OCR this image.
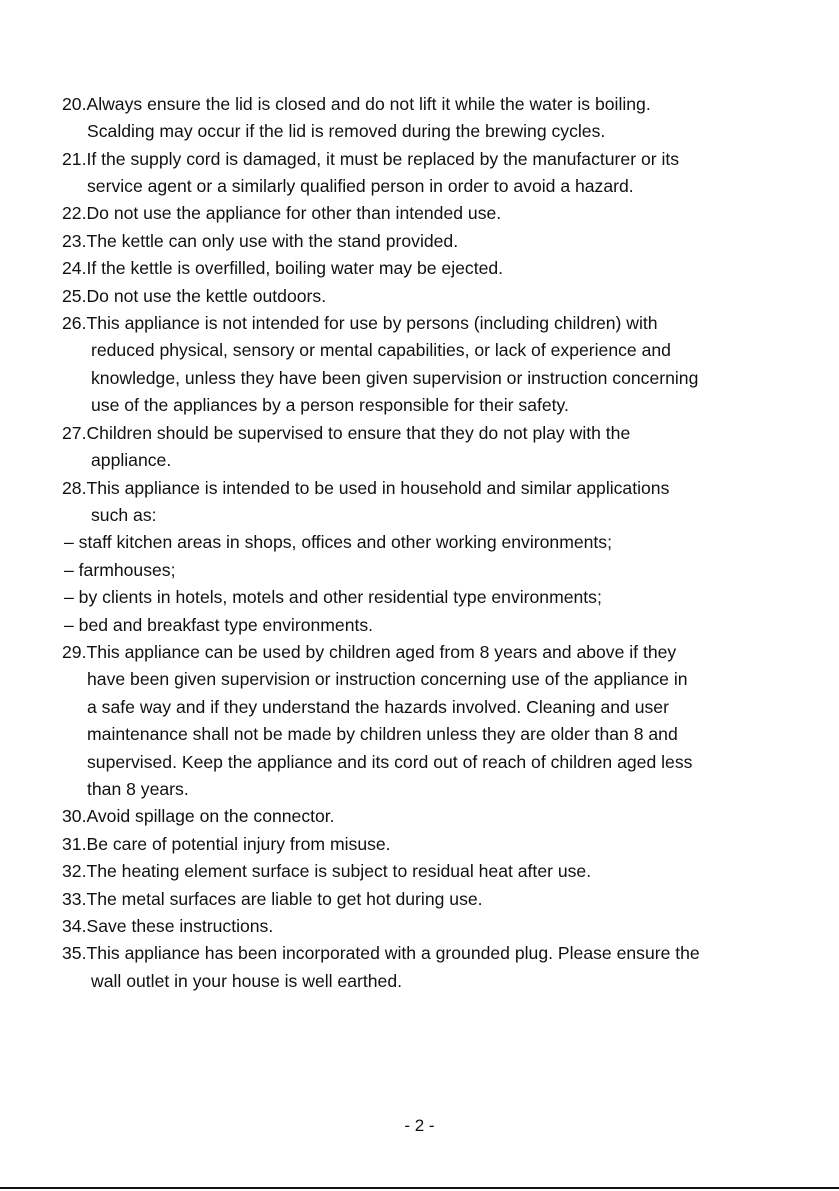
20.Always ensure the lid is closed and do not lift it while the water is boiling.
Scalding may occur if the lid is removed during the brewing cycles.
21.If the supply cord is damaged, it must be replaced by the manufacturer or its
service agent or a similarly qualified person in order to avoid a hazard.
22.Do not use the appliance for other than intended use.
23.The kettle can only use with the stand provided.
24.If the kettle is overfilled, boiling water may be ejected.
25.Do not use the kettle outdoors.
26.This appliance is not intended for use by persons (including children) with
reduced physical, sensory or mental capabilities, or lack of experience and
knowledge, unless they have been given supervision or instruction concerning
use of the appliances by a person responsible for their safety.
27.Children should be supervised to ensure that they do not play with the
appliance.
28.This appliance is intended to be used in household and similar applications
such as:
– staff kitchen areas in shops, offices and other working environments;
– farmhouses;
– by clients in hotels, motels and other residential type environments;
– bed and breakfast type environments.
29.This appliance can be used by children aged from 8 years and above if they
have been given supervision or instruction concerning use of the appliance in
a safe way and if they understand the hazards involved. Cleaning and user
maintenance shall not be made by children unless they are older than 8 and
supervised. Keep the appliance and its cord out of reach of children aged less
than 8 years.
30.Avoid spillage on the connector.
31.Be care of potential injury from misuse.
32.The heating element surface is subject to residual heat after use.
33.The metal surfaces are liable to get hot during use.
34.Save these instructions.
35.This appliance has been incorporated with a grounded plug. Please ensure the
wall outlet in your house is well earthed.
- 2 -
